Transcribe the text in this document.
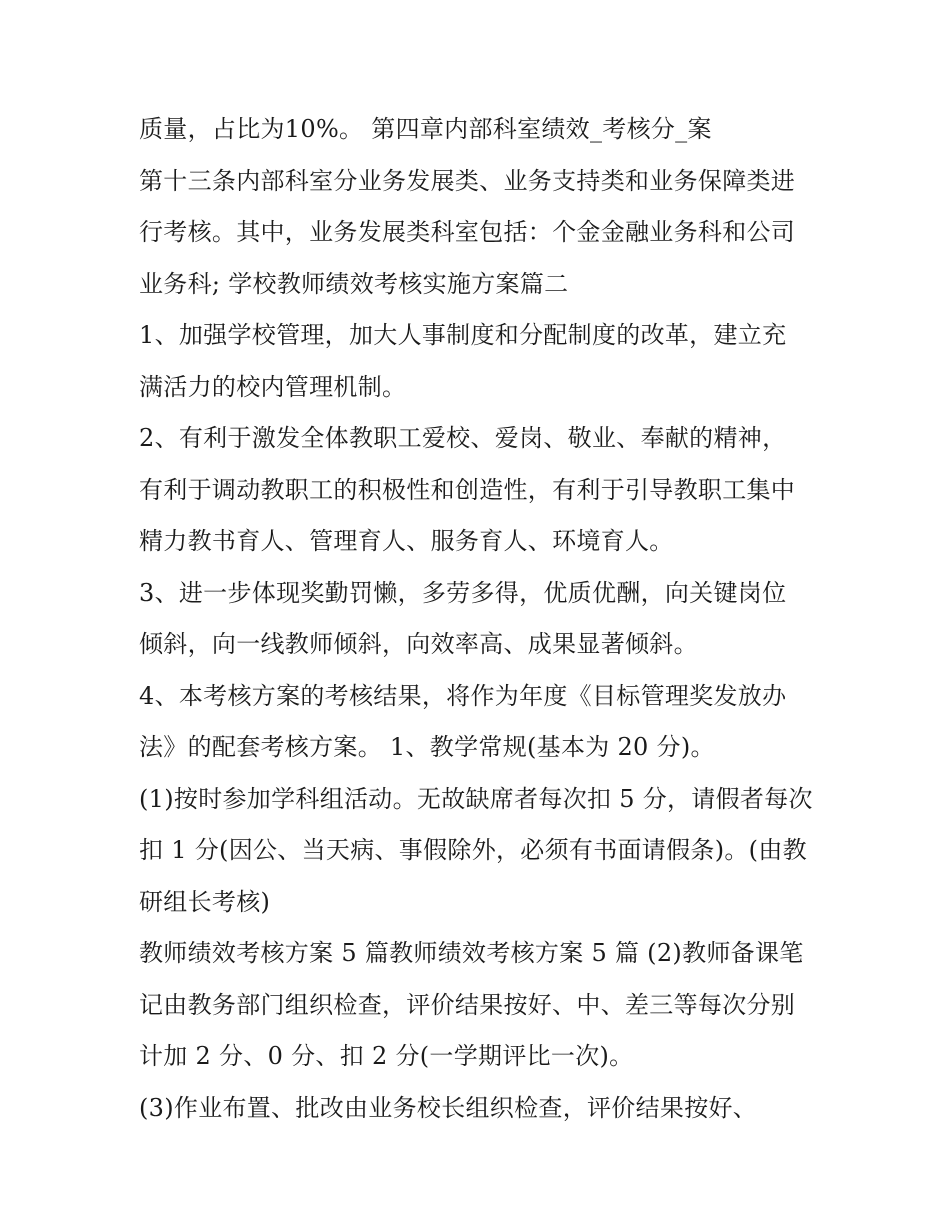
质量，占比为10%。 第四章内部科室绩效_考核分_案
第十三条内部科室分业务发展类、业务支持类和业务保障类进
行考核。其中，业务发展类科室包括：个金金融业务科和公司
业务科; 学校教师绩效考核实施方案篇二
1、加强学校管理，加大人事制度和分配制度的改革，建立充
满活力的校内管理机制。
2、有利于激发全体教职工爱校、爱岗、敬业、奉献的精神，
有利于调动教职工的积极性和创造性，有利于引导教职工集中
精力教书育人、管理育人、服务育人、环境育人。
3、进一步体现奖勤罚懒，多劳多得，优质优酬，向关键岗位
倾斜，向一线教师倾斜，向效率高、成果显著倾斜。
4、本考核方案的考核结果，将作为年度《目标管理奖发放办
法》的配套考核方案。 1、教学常规(基本为 20 分)。
(1)按时参加学科组活动。无故缺席者每次扣 5 分，请假者每次
扣 1 分(因公、当天病、事假除外，必须有书面请假条)。(由教
研组长考核)
教师绩效考核方案 5 篇教师绩效考核方案 5 篇 (2)教师备课笔
记由教务部门组织检查，评价结果按好、中、差三等每次分别
计加 2 分、0 分、扣 2 分(一学期评比一次)。
(3)作业布置、批改由业务校长组织检查，评价结果按好、
